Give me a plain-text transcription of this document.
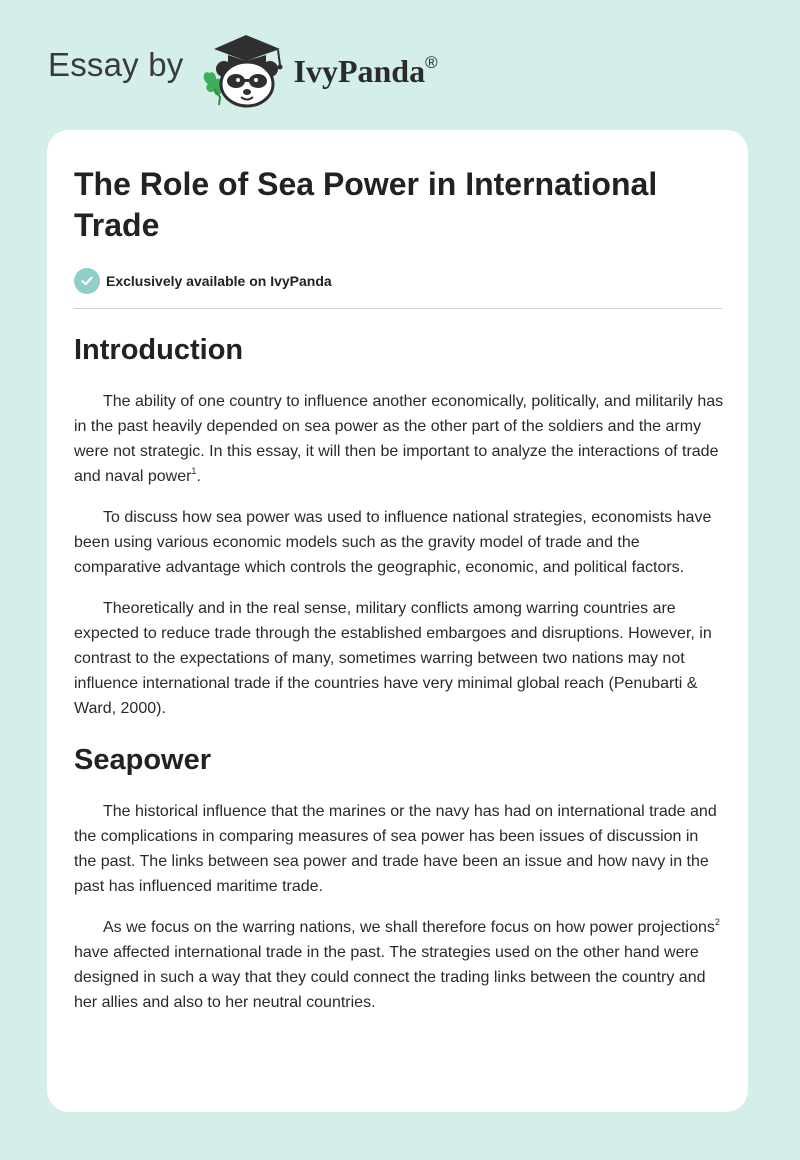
Essay by	IvyPanda®
The Role of Sea Power in International Trade
Exclusively available on IvyPanda
Introduction

The ability of one country to influence another economically, politically, and militarily has in the past heavily depended on sea power as the other part of the soldiers and the army were not strategic. In this essay, it will then be important to analyze the interactions of trade and naval power$^1$.

To discuss how sea power was used to influence national strategies, economists have been using various economic models such as the gravity model of trade and the comparative advantage which controls the geographic, economic, and political factors.

Theoretically and in the real sense, military conflicts among warring countries are expected to reduce trade through the established embargoes and disruptions. However, in contrast to the expectations of many, sometimes warring between two nations may not influence international trade if the countries have very minimal global reach (Penubarti & Ward, 2000).

Seapower

The historical influence that the marines or the navy has had on international trade and the complications in comparing measures of sea power has been issues of discussion in the past. The links between sea power and trade have been an issue and how navy in the past has influenced maritime trade.

As we focus on the warring nations, we shall therefore focus on how power projections$^2$ have affected international trade in the past. The strategies used on the other hand were designed in such a way that they could connect the trading links between the country and her allies and also to her neutral countries.
